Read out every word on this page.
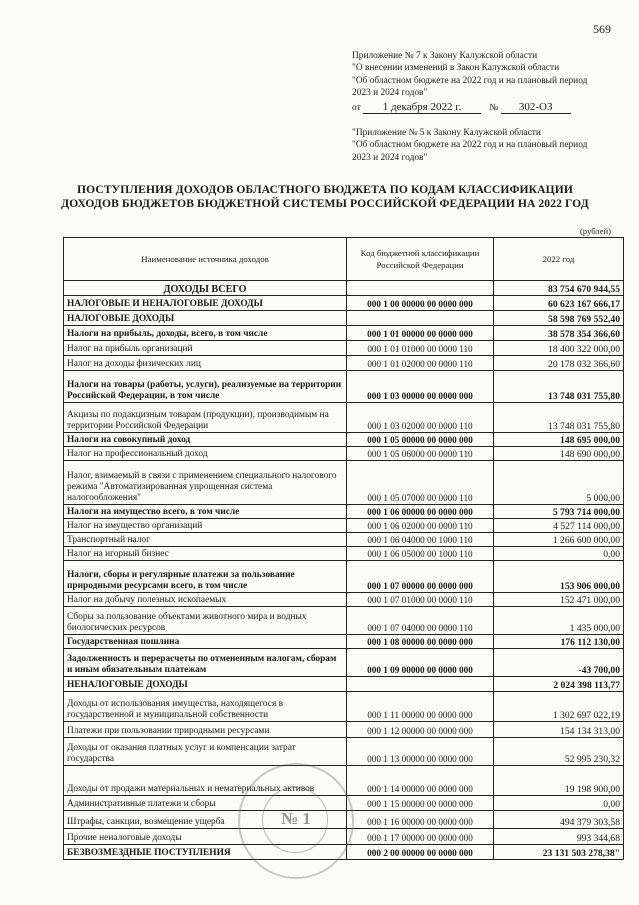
569
Приложение № 7 к Закону Калужской области
"О внесении изменений в Закон Калужской области
"Об областном бюджете на 2022 год и на плановый период
2023 и 2024 годов"
от 1 декабря 2022 г.	№ 302-ОЗ
"Приложение № 5 к Закону Калужской области
"Об областном бюджете на 2022 год и на плановый период
2023 и 2024 годов"
ПОСТУПЛЕНИЯ ДОХОДОВ ОБЛАСТНОГО БЮДЖЕТА ПО КОДАМ КЛАССИФИКАЦИИ
ДОХОДОВ БЮДЖЕТОВ БЮДЖЕТНОЙ СИСТЕМЫ РОССИЙСКОЙ ФЕДЕРАЦИИ НА 2022 ГОД
(рублей)
Наименование источника доходов	Код бюджетной классификации Российской Федерации	2022 год
ДОХОДЫ ВСЕГО		83 754 670 944,55
НАЛОГОВЫЕ И НЕНАЛОГОВЫЕ ДОХОДЫ	000 1 00 00000 00 0000 000	60 623 167 666,17
НАЛОГОВЫЕ ДОХОДЫ		58 598 769 552,40
Налоги на прибыль, доходы, всего, в том числе	000 1 01 00000 00 0000 000	38 578 354 366,60
Налог на прибыль организаций	000 1 01 01000 00 0000 110	18 400 322 000,00
Налог на доходы физических лиц	000 1 01 02000 00 0000 110	20 178 032 366,60
Налоги на товары (работы, услуги), реализуемые на территории Российской Федерации, в том числе	000 1 03 00000 00 0000 000	13 748 031 755,80
Акцизы по подакцизным товарам (продукции), производимым на территории Российской Федерации	000 1 03 02000 00 0000 110	13 748 031 755,80
Налоги на совокупный доход	000 1 05 00000 00 0000 000	148 695 000,00
Налог на профессиональный доход	000 1 05 06000 00 0000 110	148 690 000,00
Налог, взимаемый в связи с применением специального налогового режима "Автоматизированная упрощенная система налогообложения"	000 1 05 07000 00 0000 110	5 000,00
Налоги на имущество всего, в том числе	000 1 06 00000 00 0000 000	5 793 714 000,00
Налог на имущество организаций	000 1 06 02000 00 0000 110	4 527 114 000,00
Транспортный налог	000 1 06 04000 00 1000 110	1 266 600 000,00
Налог на игорный бизнес	000 1 06 05000 00 1000 110	0,00
Налоги, сборы и регулярные платежи за пользование природными ресурсами всего, в том числе	000 1 07 00000 00 0000 000	153 906 000,00
Налог на добычу полезных ископаемых	000 1 07 01000 00 0000 110	152 471 000,00
Сборы за пользование объектами животного мира и водных биологических ресурсов	000 1 07 04000 00 0000 110	1 435 000,00
Государственная пошлина	000 1 08 00000 00 0000 000	176 112 130,00
Задолженность и перерасчеты по отмененным налогам, сборам и иным обязательным платежам	000 1 09 00000 00 0000 000	-43 700,00
НЕНАЛОГОВЫЕ ДОХОДЫ		2 024 398 113,77
Доходы от использования имущества, находящегося в государственной и муниципальной собственности	000 1 11 00000 00 0000 000	1 302 697 022,19
Платежи при пользовании природными ресурсами	000 1 12 00000 00 0000 000	154 134 313,00
Доходы от оказания платных услуг и компенсации затрат государства	000 1 13 00000 00 0000 000	52 995 230,32
Доходы от продажи материальных и нематериальных активов	000 1 14 00000 00 0000 000	19 198 900,00
Административные платежи и сборы	000 1 15 00000 00 0000 000	0,00
Штрафы, санкции, возмещение ущерба	000 1 16 00000 00 0000 000	494 379 303,58
Прочие неналоговые доходы	000 1 17 00000 00 0000 000	993 344,68
БЕЗВОЗМЕЗДНЫЕ ПОСТУПЛЕНИЯ	000 2 00 00000 00 0000 000	23 131 503 278,38"
№ 1
